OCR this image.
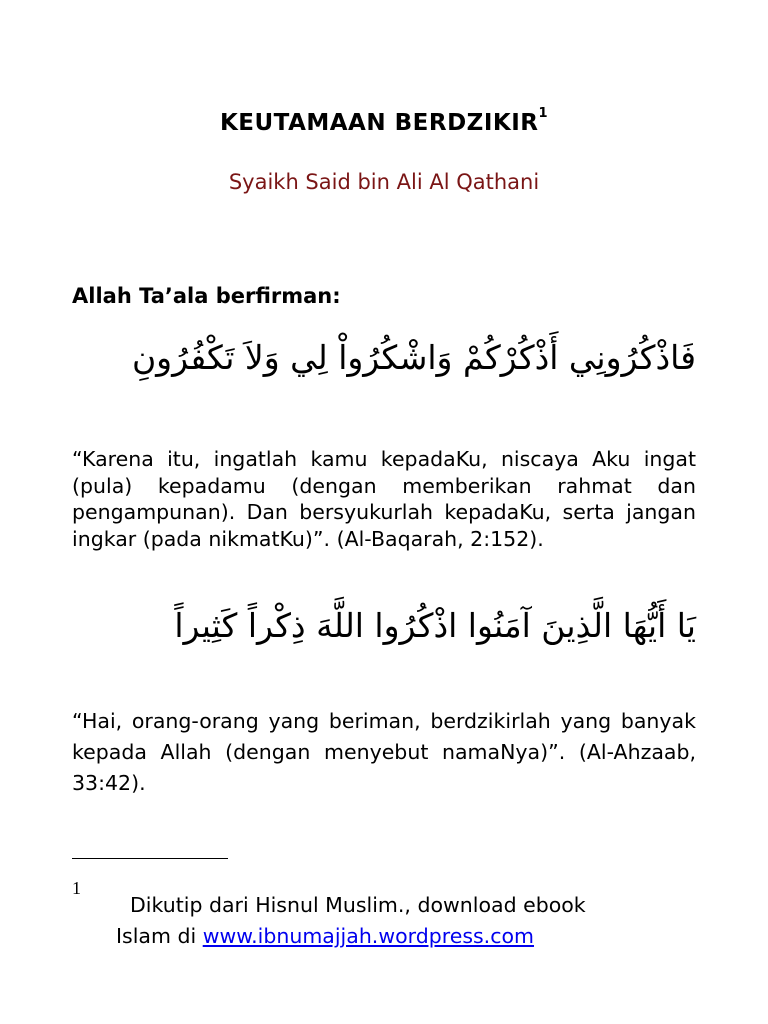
KEUTAMAAN BERDZIKIR$^1$
Syaikh Said bin Ali Al Qathani
Allah Ta’ala berfirman:
فَاذْكُرُونِي أَذْكُرْكُمْ وَاشْكُرُواْ لِي وَلاَ تَكْفُرُونِ
“Karena itu, ingatlah kamu kepadaKu, niscaya Aku ingat (pula) kepadamu (dengan memberikan rahmat dan pengampunan). Dan bersyukurlah kepadaKu, serta jangan ingkar (pada nikmatKu)”. (Al-Baqarah, 2:152).
يَا أَيُّهَا الَّذِينَ آمَنُوا اذْكُرُوا اللَّهَ ذِكْراً كَثِيراً
“Hai, orang-orang yang beriman, berdzikirlah yang banyak kepada Allah (dengan menyebut namaNya)”. (Al-Ahzaab, 33:42).
1
Dikutip dari Hisnul Muslim., download ebook
Islam di www.ibnumajjah.wordpress.com
